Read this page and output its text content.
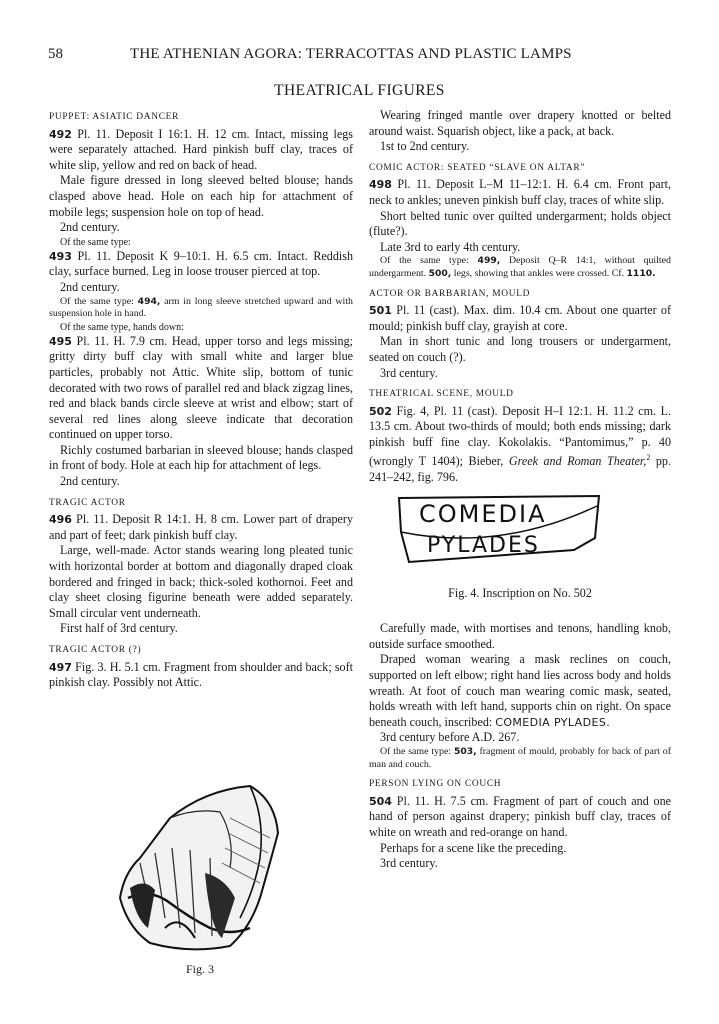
58	THE ATHENIAN AGORA: TERRACOTTAS AND PLASTIC LAMPS
THEATRICAL FIGURES
PUPPET: ASIATIC DANCER

492 Pl. 11. Deposit I 16:1. H. 12 cm. Intact, missing legs were separately attached. Hard pinkish buff clay, traces of white slip, yellow and red on back of head.

Male figure dressed in long sleeved belted blouse; hands clasped above head. Hole on each hip for attachment of mobile legs; suspension hole on top of head.

2nd century.

Of the same type:

493 Pl. 11. Deposit K 9–10:1. H. 6.5 cm. Intact. Reddish clay, surface burned. Leg in loose trouser pierced at top.

2nd century.

Of the same type: 494, arm in long sleeve stretched upward and with suspension hole in hand.

Of the same type, hands down:

495 Pl. 11. H. 7.9 cm. Head, upper torso and legs missing; gritty dirty buff clay with small white and larger blue particles, probably not Attic. White slip, bottom of tunic decorated with two rows of parallel red and black zigzag lines, red and black bands circle sleeve at wrist and elbow; start of several red lines along sleeve indicate that decoration continued on upper torso.

Richly costumed barbarian in sleeved blouse; hands clasped in front of body. Hole at each hip for attachment of legs.

2nd century.

TRAGIC ACTOR

496 Pl. 11. Deposit R 14:1. H. 8 cm. Lower part of drapery and part of feet; dark pinkish buff clay.

Large, well-made. Actor stands wearing long pleated tunic with horizontal border at bottom and diagonally draped cloak bordered and fringed in back; thick-soled kothornoi. Feet and clay sheet closing figurine beneath were added separately. Small circular vent underneath.

First half of 3rd century.

TRAGIC ACTOR (?)

497 Fig. 3. H. 5.1 cm. Fragment from shoulder and back; soft pinkish clay. Possibly not Attic.

Fig. 3

Wearing fringed mantle over drapery knotted or belted around waist. Squarish object, like a pack, at back.

1st to 2nd century.

COMIC ACTOR: SEATED “SLAVE ON ALTAR”

498 Pl. 11. Deposit L–M 11–12:1. H. 6.4 cm. Front part, neck to ankles; uneven pinkish buff clay, traces of white slip.

Short belted tunic over quilted undergarment; holds object (flute?).

Late 3rd to early 4th century.

Of the same type: 499, Deposit Q–R 14:1, without quilted undergarment. 500, legs, showing that ankles were crossed. Cf. 1110.

ACTOR OR BARBARIAN, MOULD

501 Pl. 11 (cast). Max. dim. 10.4 cm. About one quarter of mould; pinkish buff clay, grayish at core.

Man in short tunic and long trousers or undergarment, seated on couch (?).

3rd century.

THEATRICAL SCENE, MOULD

502 Fig. 4, Pl. 11 (cast). Deposit H–I 12:1. H. 11.2 cm. L. 13.5 cm. About two-thirds of mould; both ends missing; dark pinkish buff fine clay. Kokolakis. “Pantomimus,” p. 40 (wrongly T 1404); Bieber, Greek and Roman Theater,$^2$ pp. 241–242, fig. 796.

COMEDIA
PYLADES

Fig. 4. Inscription on No. 502

Carefully made, with mortises and tenons, handling knob, outside surface smoothed.

Draped woman wearing a mask reclines on couch, supported on left elbow; right hand lies across body and holds wreath. At foot of couch man wearing comic mask, seated, holds wreath with left hand, supports chin on right. On space beneath couch, inscribed: COMEDIA PYLADES.

3rd century before A.D. 267.

Of the same type: 503, fragment of mould, probably for back of part of man and couch.

PERSON LYING ON COUCH

504 Pl. 11. H. 7.5 cm. Fragment of part of couch and one hand of person against drapery; pinkish buff clay, traces of white on wreath and red-orange on hand.

Perhaps for a scene like the preceding.

3rd century.
